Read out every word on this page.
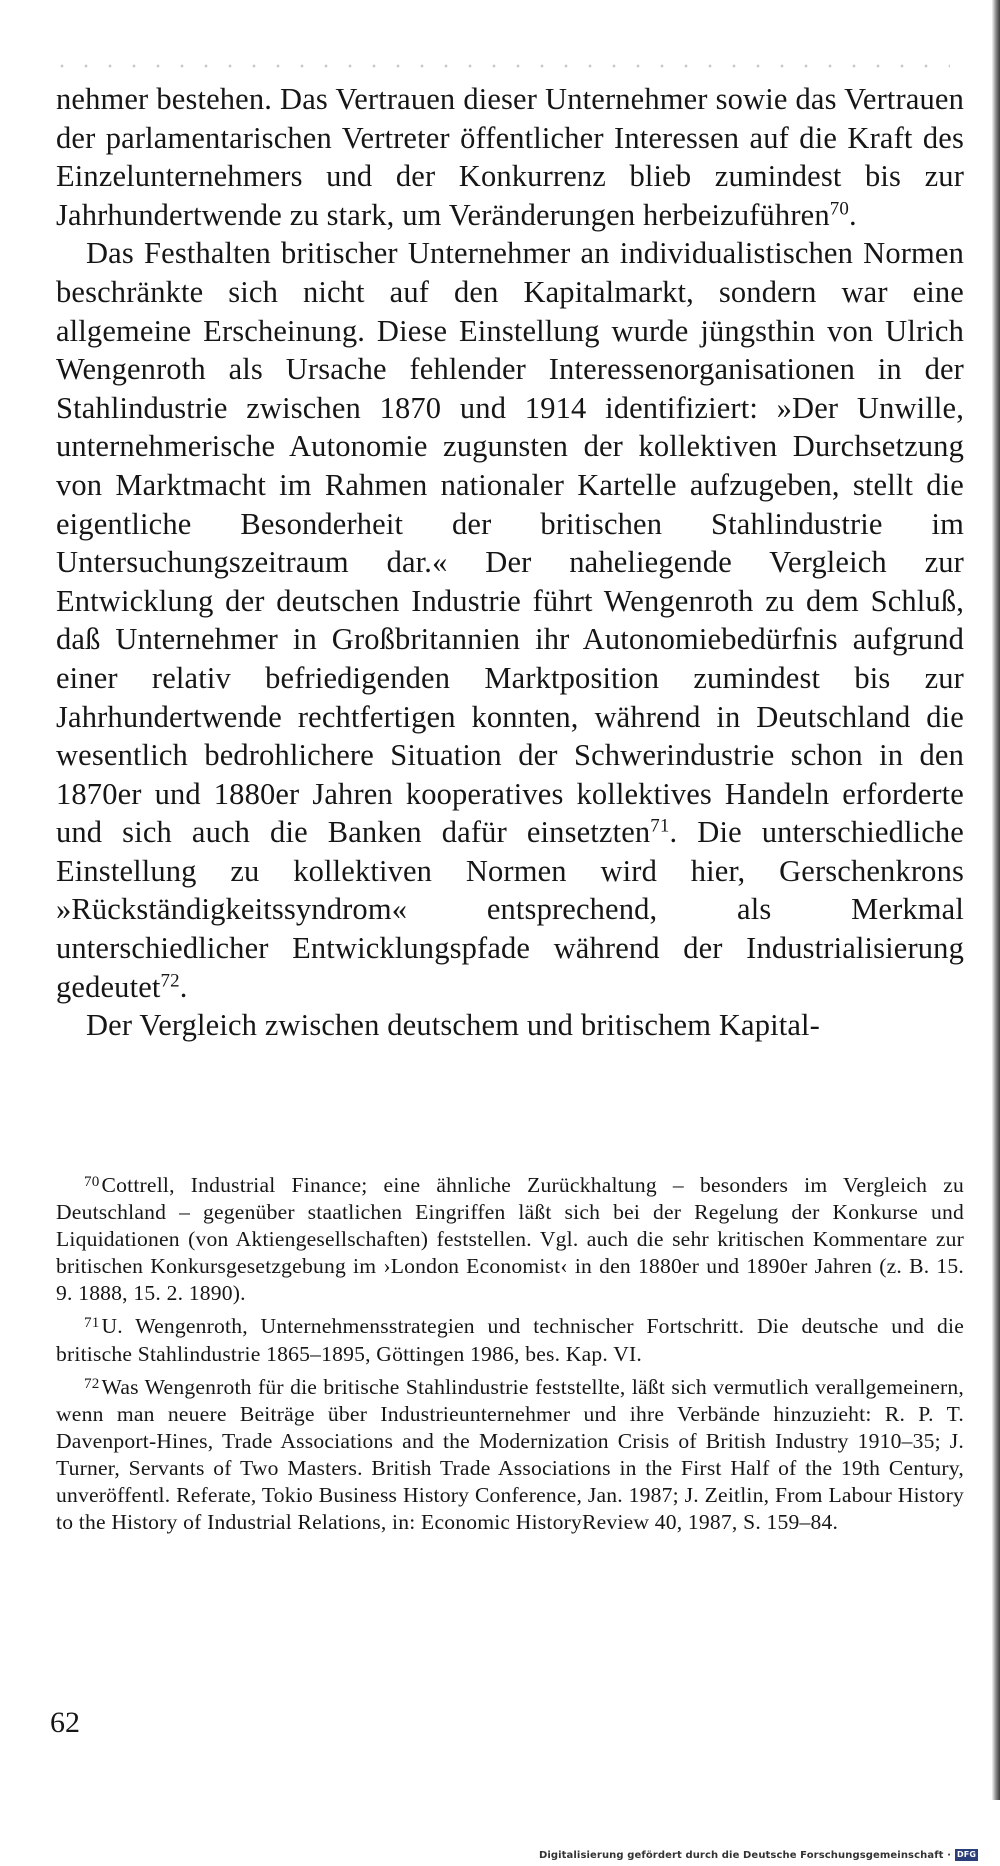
nehmer bestehen. Das Vertrauen dieser Unternehmer sowie das Vertrauen der parlamentarischen Vertreter öffentlicher Interessen auf die Kraft des Einzelunternehmers und der Konkurrenz blieb zumindest bis zur Jahrhundertwende zu stark, um Veränderungen herbeizuführen$^{70}$.

Das Festhalten britischer Unternehmer an individualistischen Normen beschränkte sich nicht auf den Kapitalmarkt, sondern war eine allgemeine Erscheinung. Diese Einstellung wurde jüngsthin von Ulrich Wengenroth als Ursache fehlender Interessenorganisationen in der Stahlindustrie zwischen 1870 und 1914 identifiziert: »Der Unwille, unternehmerische Autonomie zugunsten der kollektiven Durchsetzung von Marktmacht im Rahmen nationaler Kartelle aufzugeben, stellt die eigentliche Besonderheit der britischen Stahlindustrie im Untersuchungszeitraum dar.« Der naheliegende Vergleich zur Entwicklung der deutschen Industrie führt Wengenroth zu dem Schluß, daß Unternehmer in Großbritannien ihr Autonomiebedürfnis aufgrund einer relativ befriedigenden Marktposition zumindest bis zur Jahrhundertwende rechtfertigen konnten, während in Deutschland die wesentlich bedrohlichere Situation der Schwerindustrie schon in den 1870er und 1880er Jahren kooperatives kollektives Handeln erforderte und sich auch die Banken dafür einsetzten$^{71}$. Die unterschiedliche Einstellung zu kollektiven Normen wird hier, Gerschenkrons »Rückständigkeitssyndrom« entsprechend, als Merkmal unterschiedlicher Entwicklungspfade während der Industrialisierung gedeutet$^{72}$.

Der Vergleich zwischen deutschem und britischem Kapital-

$^{70}$Cottrell, Industrial Finance; eine ähnliche Zurückhaltung – besonders im Vergleich zu Deutschland – gegenüber staatlichen Eingriffen läßt sich bei der Regelung der Konkurse und Liquidationen (von Aktiengesellschaften) feststellen. Vgl. auch die sehr kritischen Kommentare zur britischen Konkursgesetzgebung im ›London Economist‹ in den 1880er und 1890er Jahren (z. B. 15. 9. 1888, 15. 2. 1890).

$^{71}$U. Wengenroth, Unternehmensstrategien und technischer Fortschritt. Die deutsche und die britische Stahlindustrie 1865–1895, Göttingen 1986, bes. Kap. VI.

$^{72}$Was Wengenroth für die britische Stahlindustrie feststellte, läßt sich vermutlich verallgemeinern, wenn man neuere Beiträge über Industrieunternehmer und ihre Verbände hinzuzieht: R. P. T. Davenport-Hines, Trade Associations and the Modernization Crisis of British Industry 1910–35; J. Turner, Servants of Two Masters. British Trade Associations in the First Half of the 19th Century, unveröffentl. Referate, Tokio Business History Conference, Jan. 1987; J. Zeitlin, From Labour History to the History of Industrial Relations, in: Economic HistoryReview 40, 1987, S. 159–84.

62
Digitalisierung gefördert durch die Deutsche Forschungsgemeinschaft · DFG
